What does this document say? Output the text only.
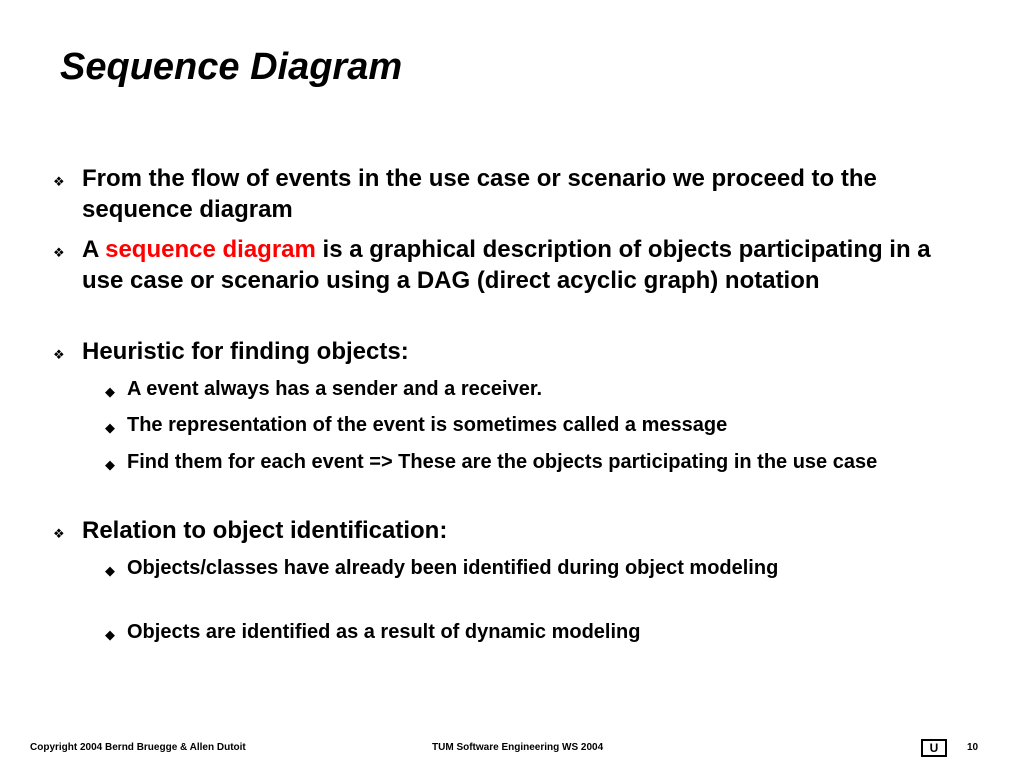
Sequence Diagram
❖ From the flow of events in the use case or scenario we proceed to the sequence diagram
❖ A sequence diagram is a graphical description of objects participating in a use case or scenario using a DAG (direct acyclic graph) notation
❖ Heuristic for finding objects:
◆ A event always has a sender and a receiver.
◆ The representation of the event is sometimes called a message
◆ Find them for each event => These are the objects participating in the use case
❖ Relation to object identification:
◆ Objects/classes have already been identified during object modeling
◆ Objects are identified as a result of dynamic modeling
Copyright 2004 Bernd Bruegge & Allen Dutoit	TUM Software Engineering WS 2004	U	10
